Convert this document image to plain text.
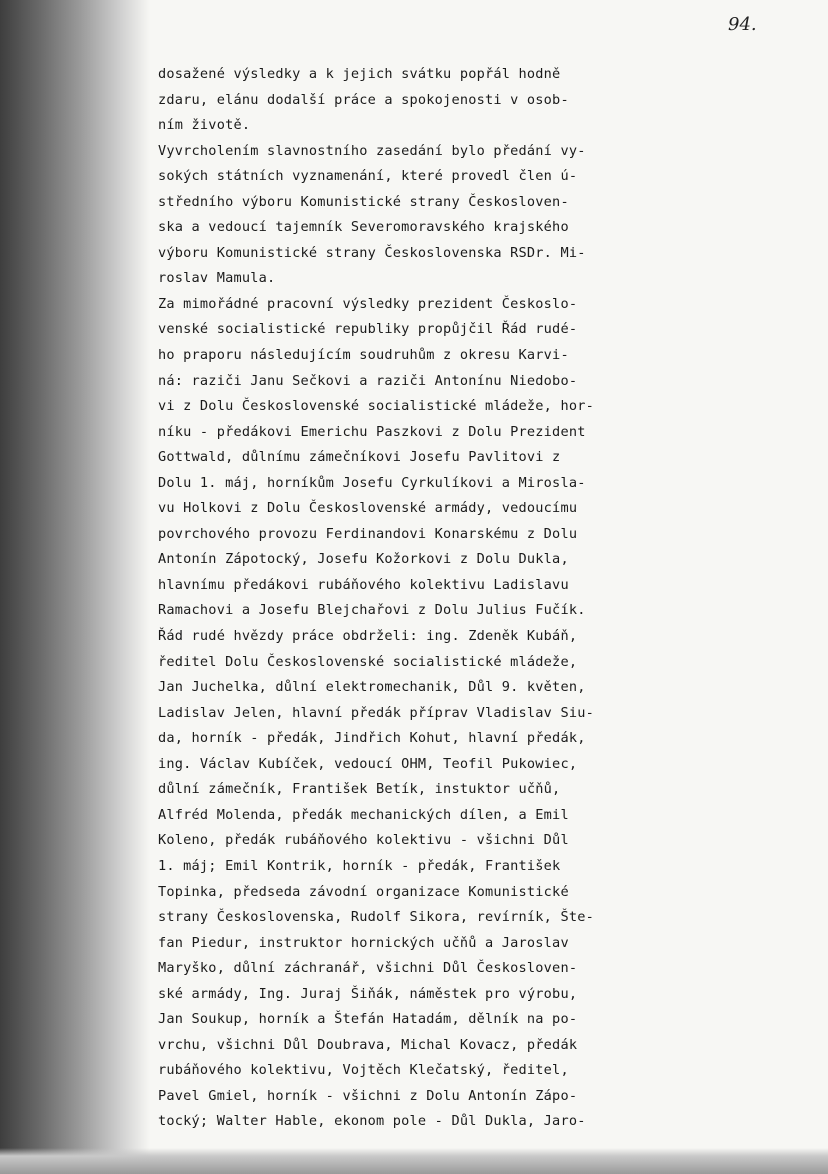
94.
dosažené výsledky a k jejich svátku popřál hodně
zdaru, elánu dodalší práce a spokojenosti v osob-
ním životě.
Vyvrcholením slavnostního zasedání bylo předání vy-
sokých státních vyznamenání, které provedl člen ú-
středního výboru Komunistické strany Českosloven-
ska a vedoucí tajemník Severomoravského krajského
výboru Komunistické strany Československa RSDr. Mi-
roslav Mamula.
Za mimořádné pracovní výsledky prezident Českoslo-
venské socialistické republiky propůjčil Řád rudé-
ho praporu následujícím soudruhům z okresu Karvi-
ná: raziči Janu Sečkovi a raziči Antonínu Niedobo-
vi z Dolu Československé socialistické mládeže, hor-
níku - předákovi Emerichu Paszkovi z Dolu Prezident
Gottwald, důlnímu zámečníkovi Josefu Pavlitovi z
Dolu 1. máj, horníkům Josefu Cyrkulíkovi a Mirosla-
vu Holkovi z Dolu Československé armády, vedoucímu
povrchového provozu Ferdinandovi Konarskému z Dolu
Antonín Zápotocký, Josefu Kožorkovi z Dolu Dukla,
hlavnímu předákovi rubáňového kolektivu Ladislavu
Ramachovi a Josefu Blejchařovi z Dolu Julius Fučík.
Řád rudé hvězdy práce obdrželi: ing. Zdeněk Kubáň,
ředitel Dolu Československé socialistické mládeže,
Jan Juchelka, důlní elektromechanik, Důl 9. květen,
Ladislav Jelen, hlavní předák příprav Vladislav Siu-
da, horník - předák, Jindřich Kohut, hlavní předák,
ing. Václav Kubíček, vedoucí OHM, Teofil Pukowiec,
důlní zámečník, František Betík, instuktor učňů,
Alfréd Molenda, předák mechanických dílen, a Emil
Koleno, předák rubáňového kolektivu - všichni Důl
1. máj; Emil Kontrik, horník - předák, František
Topinka, předseda závodní organizace Komunistické
strany Československa, Rudolf Sikora, revírník, Šte-
fan Piedur, instruktor hornických učňů a Jaroslav
Maryško, důlní záchranář, všichni Důl Českosloven-
ské armády, Ing. Juraj Šiňák, náměstek pro výrobu,
Jan Soukup, horník a Štefán Hatadám, dělník na po-
vrchu, všichni Důl Doubrava, Michal Kovacz, předák
rubáňového kolektivu, Vojtěch Klečatský, ředitel,
Pavel Gmiel, horník - všichni z Dolu Antonín Zápo-
tocký; Walter Hable, ekonom pole - Důl Dukla, Jaro-
